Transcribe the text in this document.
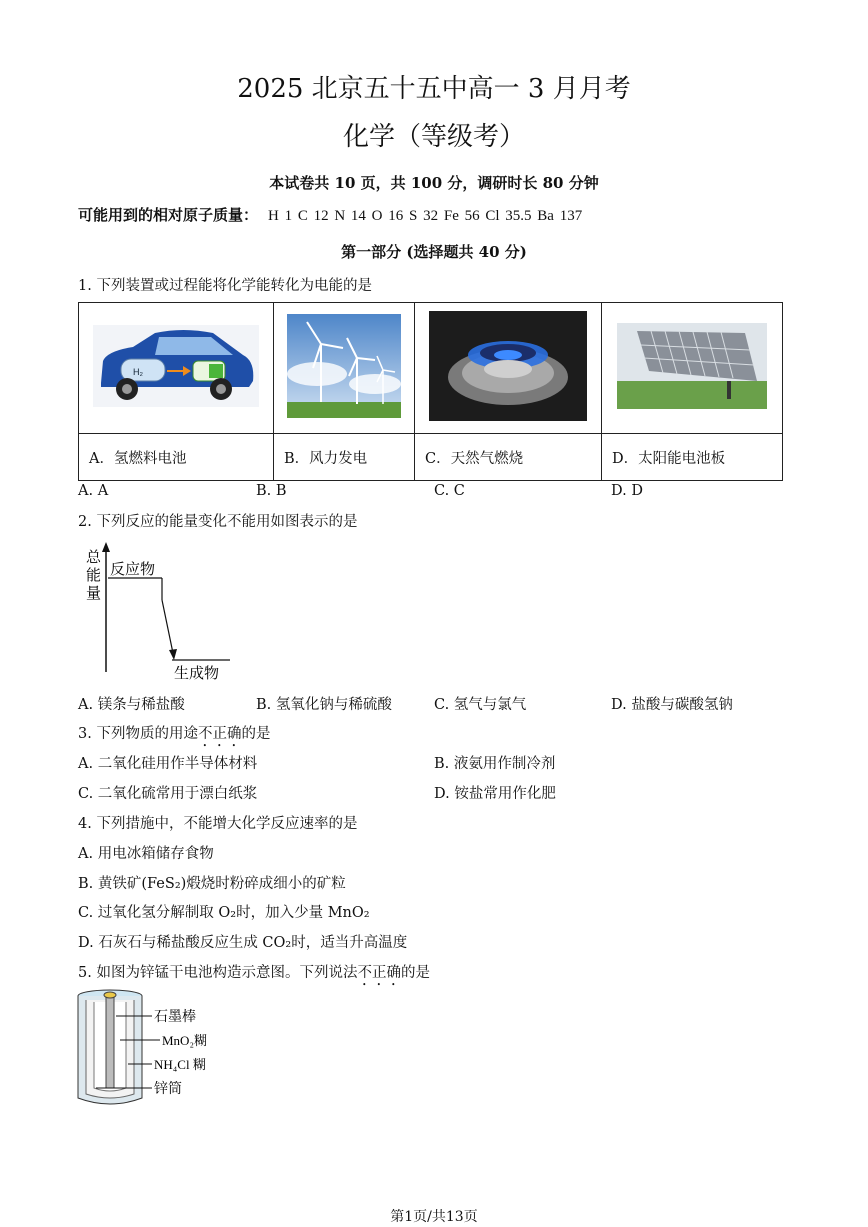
2025 北京五十五中高一 3 月月考
化学（等级考）
本试卷共 10 页，共 100 分，调研时长 80 分钟
可能用到的相对原子质量： H 1 C 12 N 14 O 16 S 32 Fe 56 Cl 35.5 Ba 137
第一部分 (选择题共 40 分)
1. 下列装置或过程能将化学能转化为电能的是
H₂

A．氢燃料电池	B．风力发电	C．天然气燃烧	D．太阳能电池板
A. A	B. B	C. C	D. D
2. 下列反应的能量变化不能用如图表示的是
总
能
量
反应物
生成物
A. 镁条与稀盐酸	B. 氢氧化钠与稀硫酸	C. 氢气与氯气	D. 盐酸与碳酸氢钠
3. 下列物质的用途不正确的是
A. 二氧化硅用作半导体材料	B. 液氨用作制冷剂
C. 二氧化硫常用于漂白纸浆	D. 铵盐常用作化肥
4. 下列措施中，不能增大化学反应速率的是
A. 用电冰箱储存食物
B. 黄铁矿(FeS₂)煅烧时粉碎成细小的矿粒
C. 过氧化氢分解制取 O₂时，加入少量 MnO₂
D. 石灰石与稀盐酸反应生成 CO₂时，适当升高温度
5. 如图为锌锰干电池构造示意图。下列说法不正确的是
石墨棒
MnO₂糊
NH₄Cl 糊
锌筒
第1页/共13页
